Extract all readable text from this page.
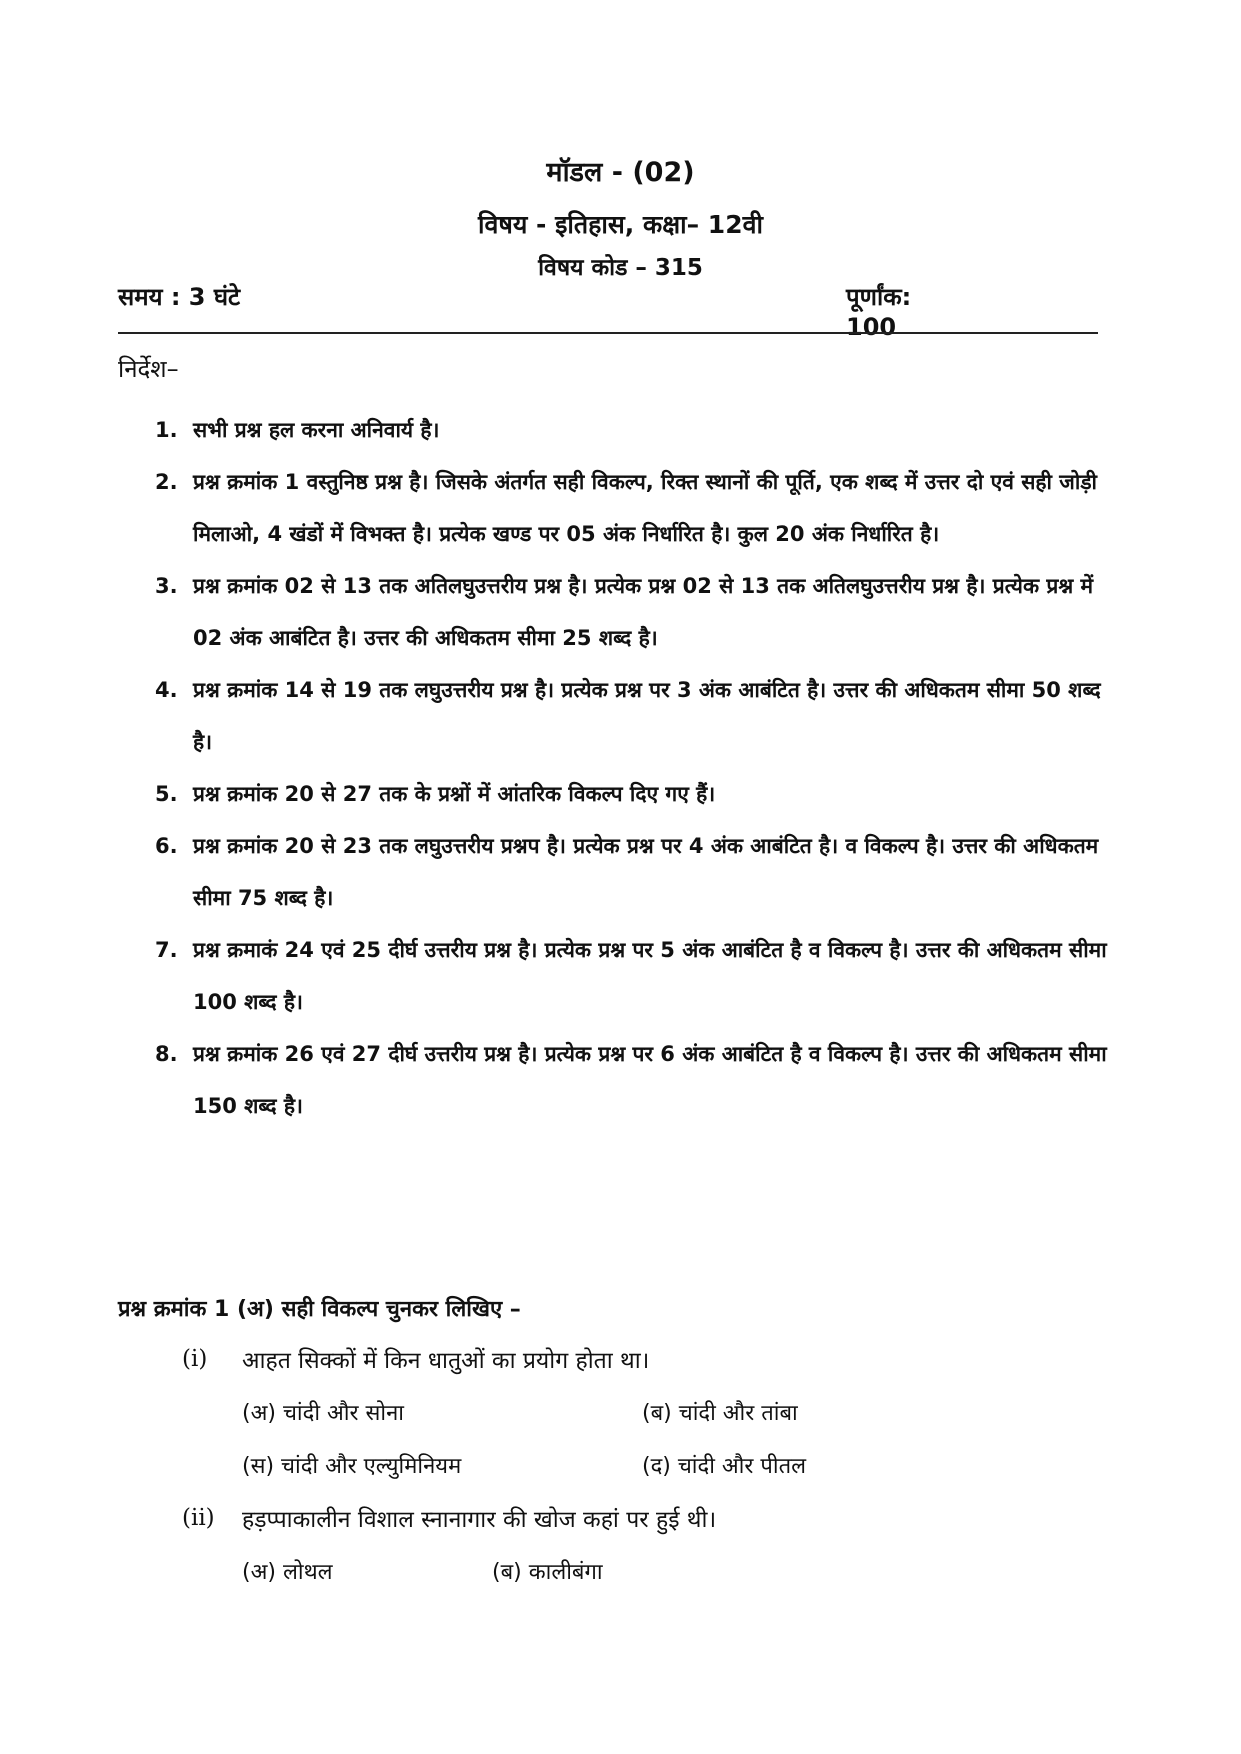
मॉडल - (02)
विषय - इतिहास, कक्षा– 12वी
विषय कोड – 315
समय : 3 घंटे	पूर्णांक: 100
निर्देश–
1. सभी प्रश्न हल करना अनिवार्य है।
2. प्रश्न क्रमांक 1 वस्तुनिष्ठ प्रश्न है। जिसके अंतर्गत सही विकल्प, रिक्त स्थानों की पूर्ति, एक शब्द में उत्तर दो एवं सही जोड़ी मिलाओ, 4 खंडों में विभक्त है। प्रत्येक खण्ड पर 05 अंक निर्धारित है। कुल 20 अंक निर्धारित है।
3. प्रश्न क्रमांक 02 से 13 तक अतिलघुउत्तरीय प्रश्न है। प्रत्येक प्रश्न 02 से 13 तक अतिलघुउत्तरीय प्रश्न है। प्रत्येक प्रश्न में 02 अंक आबंटित है। उत्तर की अधिकतम सीमा 25 शब्द है।
4. प्रश्न क्रमांक 14 से 19 तक लघुउत्तरीय प्रश्न है। प्रत्येक प्रश्न पर 3 अंक आबंटित है। उत्तर की अधिकतम सीमा 50 शब्द है।
5. प्रश्न क्रमांक 20 से 27 तक के प्रश्नों में आंतरिक विकल्प दिए गए हैं।
6. प्रश्न क्रमांक 20 से 23 तक लघुउत्तरीय प्रश्नप है। प्रत्येक प्रश्न पर 4 अंक आबंटित है। व विकल्प है। उत्तर की अधिकतम सीमा 75 शब्द है।
7. प्रश्न क्रमाकं 24 एवं 25 दीर्घ उत्तरीय प्रश्न है। प्रत्येक प्रश्न पर 5 अंक आबंटित है व विकल्प है। उत्तर की अधिकतम सीमा 100 शब्द है।
8. प्रश्न क्रमांक 26 एवं 27 दीर्घ उत्तरीय प्रश्न है। प्रत्येक प्रश्न पर 6 अंक आबंटित है व विकल्प है। उत्तर की अधिकतम सीमा 150 शब्द है।
प्रश्न क्रमांक 1 (अ) सही विकल्प चुनकर लिखिए –
(i) आहत सिक्कों में किन धातुओं का प्रयोग होता था।
(अ) चांदी और सोना	(ब) चांदी और तांबा
(स) चांदी और एल्युमिनियम	(द) चांदी और पीतल
(ii) हड़प्पाकालीन विशाल स्नानागार की खोज कहां पर हुई थी।
(अ) लोथल	(ब) कालीबंगा
